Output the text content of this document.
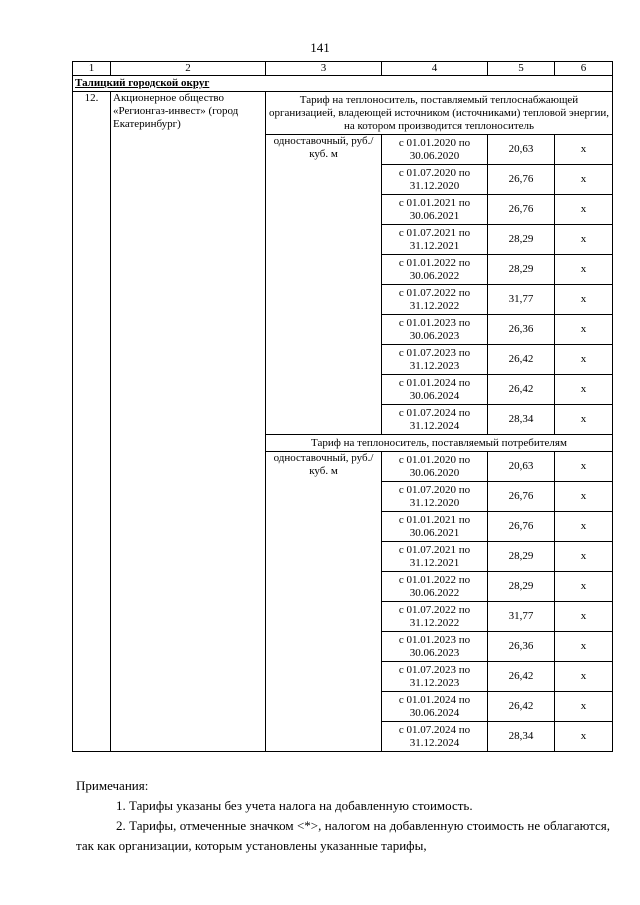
141
1	2	3	4	5	6
Талицкий городской округ					
12.	Акционерное общество «Регионгаз-инвест» (город Екатеринбург)	Тариф на теплоноситель, поставляемый теплоснабжающей организацией, владеющей источником (источниками) тепловой энергии, на котором производится теплоноситель			
		одноставочный, руб./куб. м	с 01.01.2020 по 30.06.2020	20,63	х
			с 01.07.2020 по 31.12.2020	26,76	х
			с 01.01.2021 по 30.06.2021	26,76	х
			с 01.07.2021 по 31.12.2021	28,29	х
			с 01.01.2022 по 30.06.2022	28,29	х
			с 01.07.2022 по 31.12.2022	31,77	х
			с 01.01.2023 по 30.06.2023	26,36	х
			с 01.07.2023 по 31.12.2023	26,42	х
			с 01.01.2024 по 30.06.2024	26,42	х
			с 01.07.2024 по 31.12.2024	28,34	х
		Тариф на теплоноситель, поставляемый потребителям			
		одноставочный, руб./куб. м	с 01.01.2020 по 30.06.2020	20,63	х
			с 01.07.2020 по 31.12.2020	26,76	х
			с 01.01.2021 по 30.06.2021	26,76	х
			с 01.07.2021 по 31.12.2021	28,29	х
			с 01.01.2022 по 30.06.2022	28,29	х
			с 01.07.2022 по 31.12.2022	31,77	х
			с 01.01.2023 по 30.06.2023	26,36	х
			с 01.07.2023 по 31.12.2023	26,42	х
			с 01.01.2024 по 30.06.2024	26,42	х
			с 01.07.2024 по 31.12.2024	28,34	х

Примечания:

1. Тарифы указаны без учета налога на добавленную стоимость.

2. Тарифы, отмеченные значком <*>, налогом на добавленную стоимость не облагаются, так как организации, которым установлены указанные тарифы,
